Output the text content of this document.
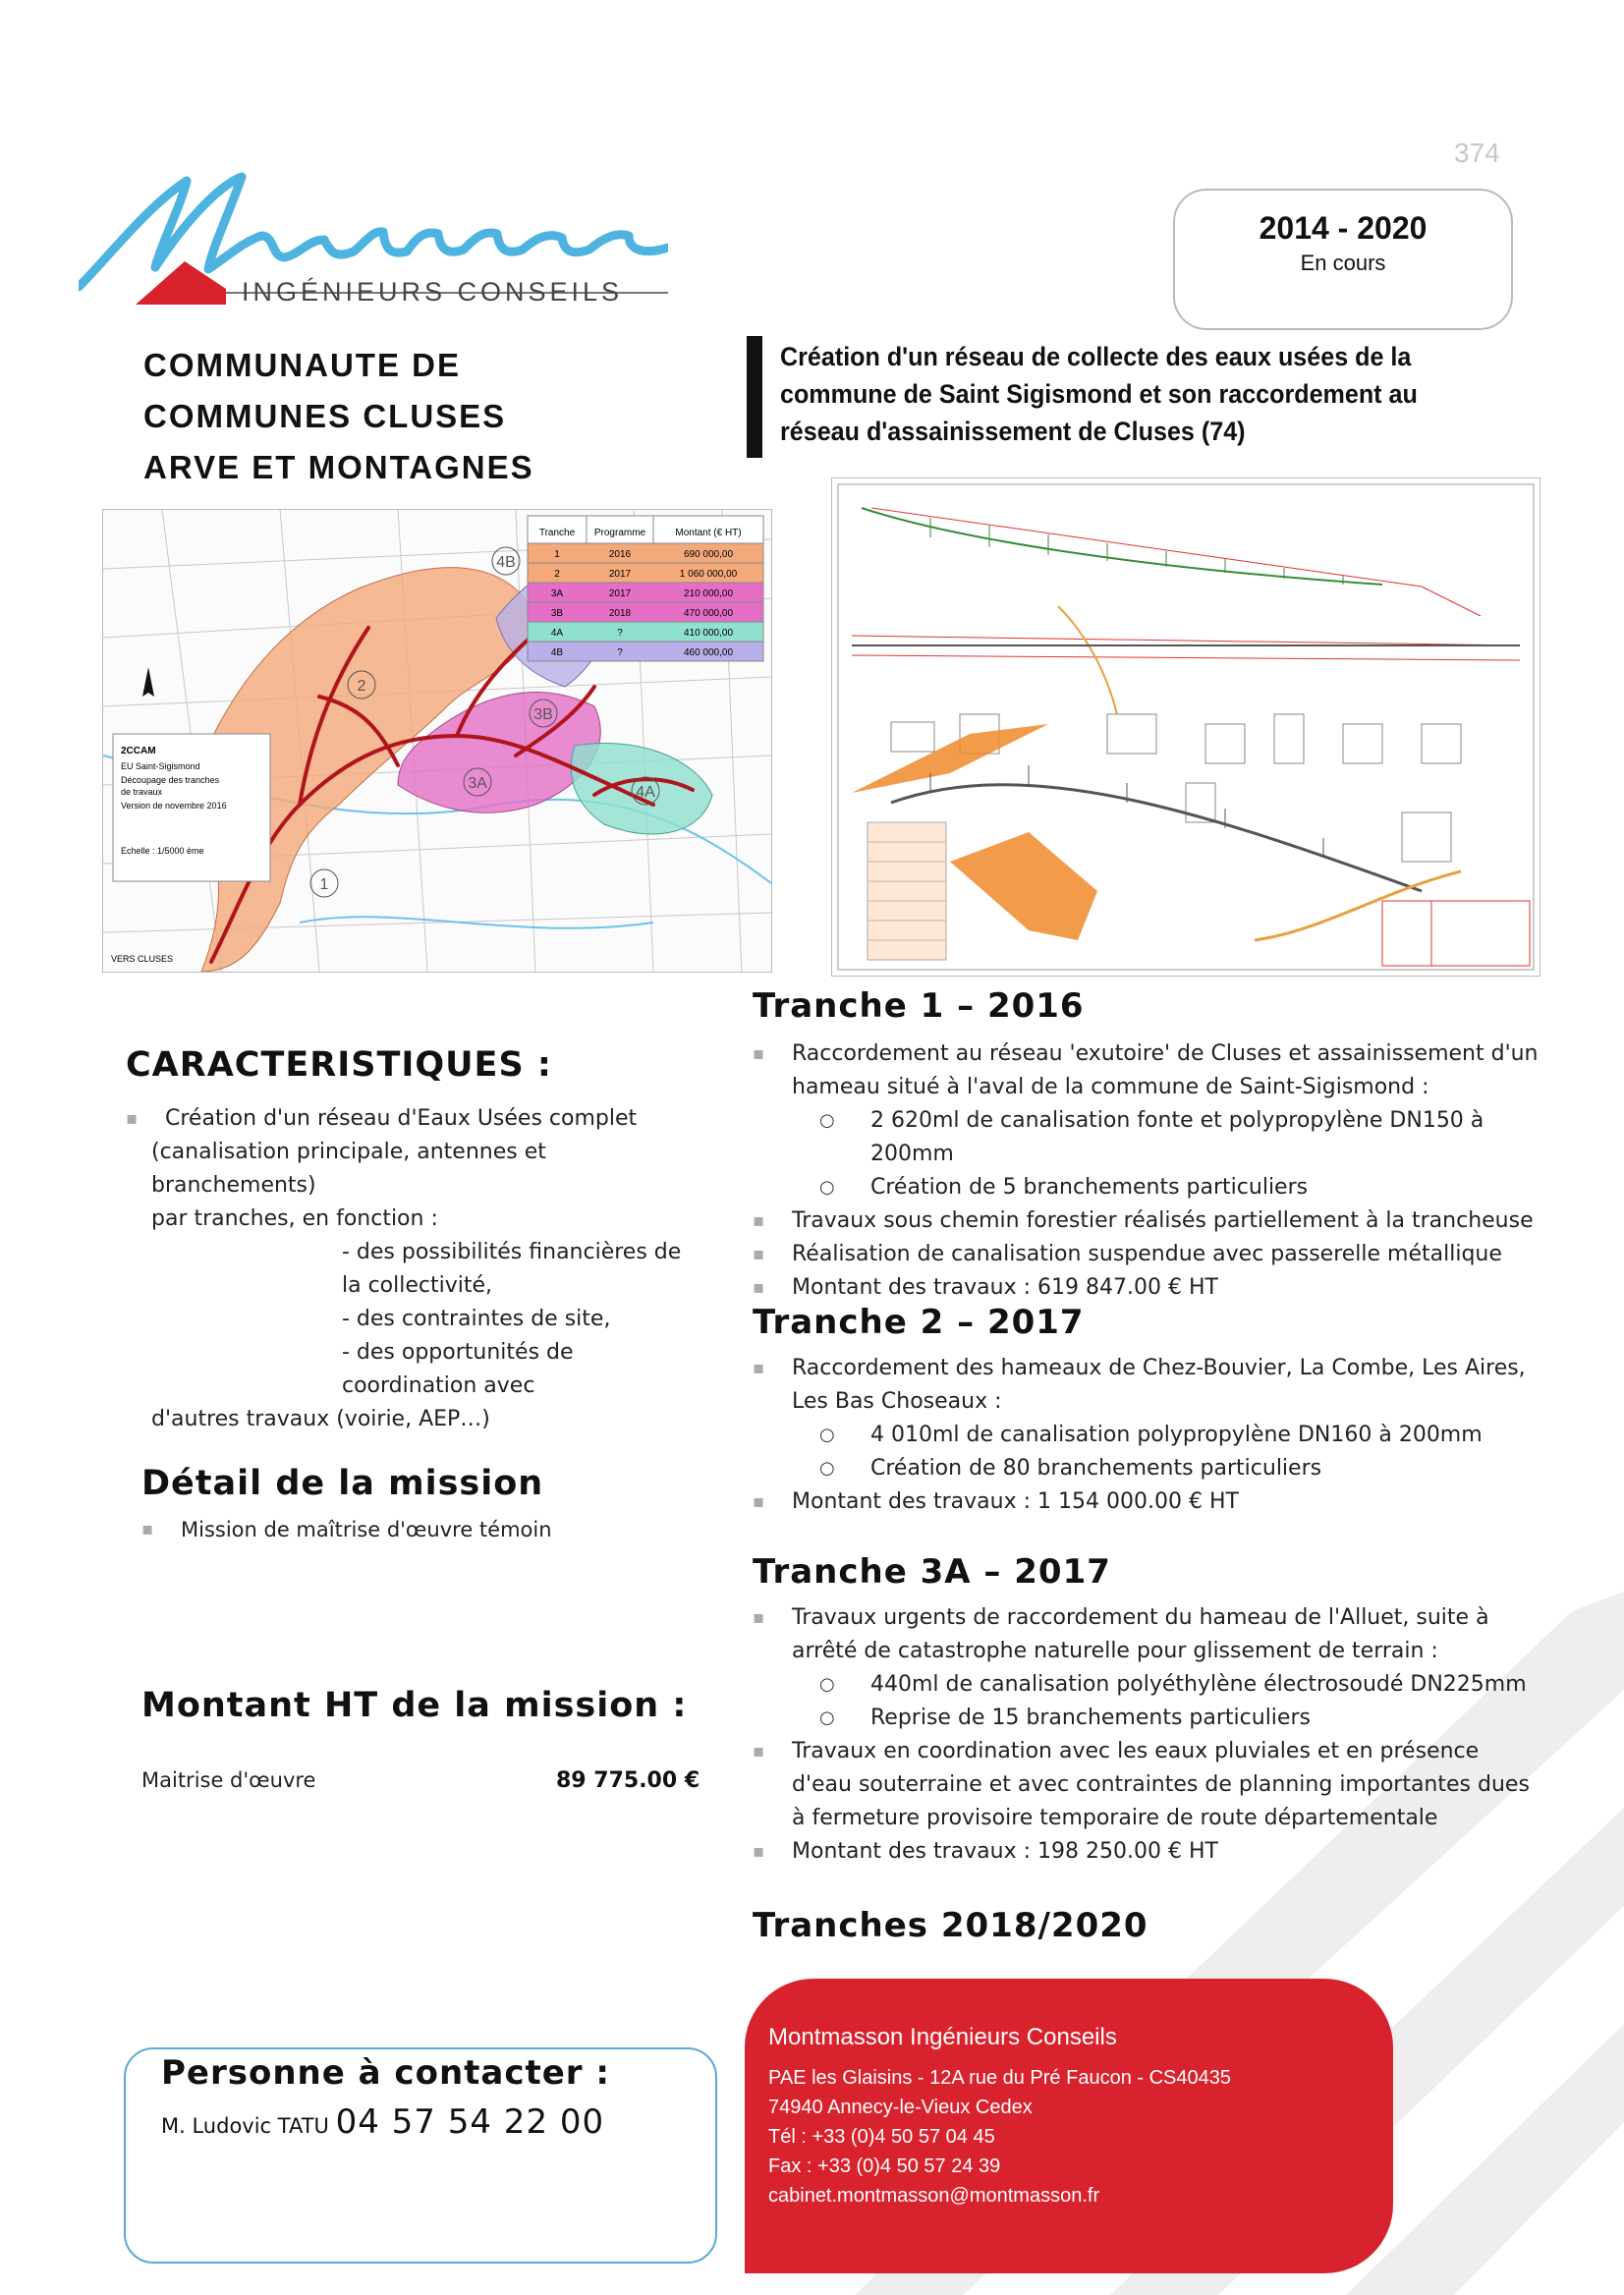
374
INGÉNIEURS CONSEILS
2014 - 2020
En cours
COMMUNAUTE DE
COMMUNES CLUSES
ARVE ET MONTAGNES
Création d'un réseau de collecte des eaux usées de la commune de Saint Sigismond et son raccordement au réseau d'assainissement de Cluses (74)
Tranche Programme	Montant (€ HT)
1	2016	690 000,00
2	2017	1 060 000,00
3A	2017	210 000,00
3B	2018	470 000,00
4A	?	410 000,00
4B	?	460 000,00
2CCAM
EU Saint-Sigismond
Découpage des tranches
de travaux
Version de novembre 2016
Echelle : 1/5000 ème
1
2
3A
3B
4A
4B
VERS CLUSES
CARACTERISTIQUES :
▪ Création d'un réseau d'Eaux Usées complet
(canalisation principale, antennes et branchements)
par tranches, en fonction :
- des possibilités financières de la collectivité,
- des contraintes de site,
- des opportunités de coordination avec
d'autres travaux (voirie, AEP…)
Détail de la mission
▪ Mission de maîtrise d'œuvre témoin
Montant HT de la mission :
Maitrise d'œuvre	89 775.00 €
Tranche 1 – 2016
▪ Raccordement au réseau 'exutoire' de Cluses et assainissement d'un hameau situé à l'aval de la commune de Saint-Sigismond :
○ 2 620ml de canalisation fonte et polypropylène DN150 à 200mm
○ Création de 5 branchements particuliers
▪ Travaux sous chemin forestier réalisés partiellement à la trancheuse
▪ Réalisation de canalisation suspendue avec passerelle métallique
▪ Montant des travaux : 619 847.00 € HT
Tranche 2 – 2017
▪ Raccordement des hameaux de Chez-Bouvier, La Combe, Les Aires, Les Bas Choseaux :
○ 4 010ml de canalisation polypropylène DN160 à 200mm
○ Création de 80 branchements particuliers
▪ Montant des travaux : 1 154 000.00 € HT
Tranche 3A – 2017
▪ Travaux urgents de raccordement du hameau de l'Alluet, suite à arrêté de catastrophe naturelle pour glissement de terrain :
○ 440ml de canalisation polyéthylène électrosoudé DN225mm
○ Reprise de 15 branchements particuliers
▪ Travaux en coordination avec les eaux pluviales et en présence d'eau souterraine et avec contraintes de planning importantes dues à fermeture provisoire temporaire de route départementale
▪ Montant des travaux : 198 250.00 € HT
Tranches 2018/2020
Personne à contacter :
M. Ludovic TATU 04 57 54 22 00
Montmasson Ingénieurs Conseils
PAE les Glaisins - 12A rue du Pré Faucon - CS40435
74940 Annecy-le-Vieux Cedex
Tél : +33 (0)4 50 57 04 45
Fax : +33 (0)4 50 57 24 39
cabinet.montmasson@montmasson.fr
